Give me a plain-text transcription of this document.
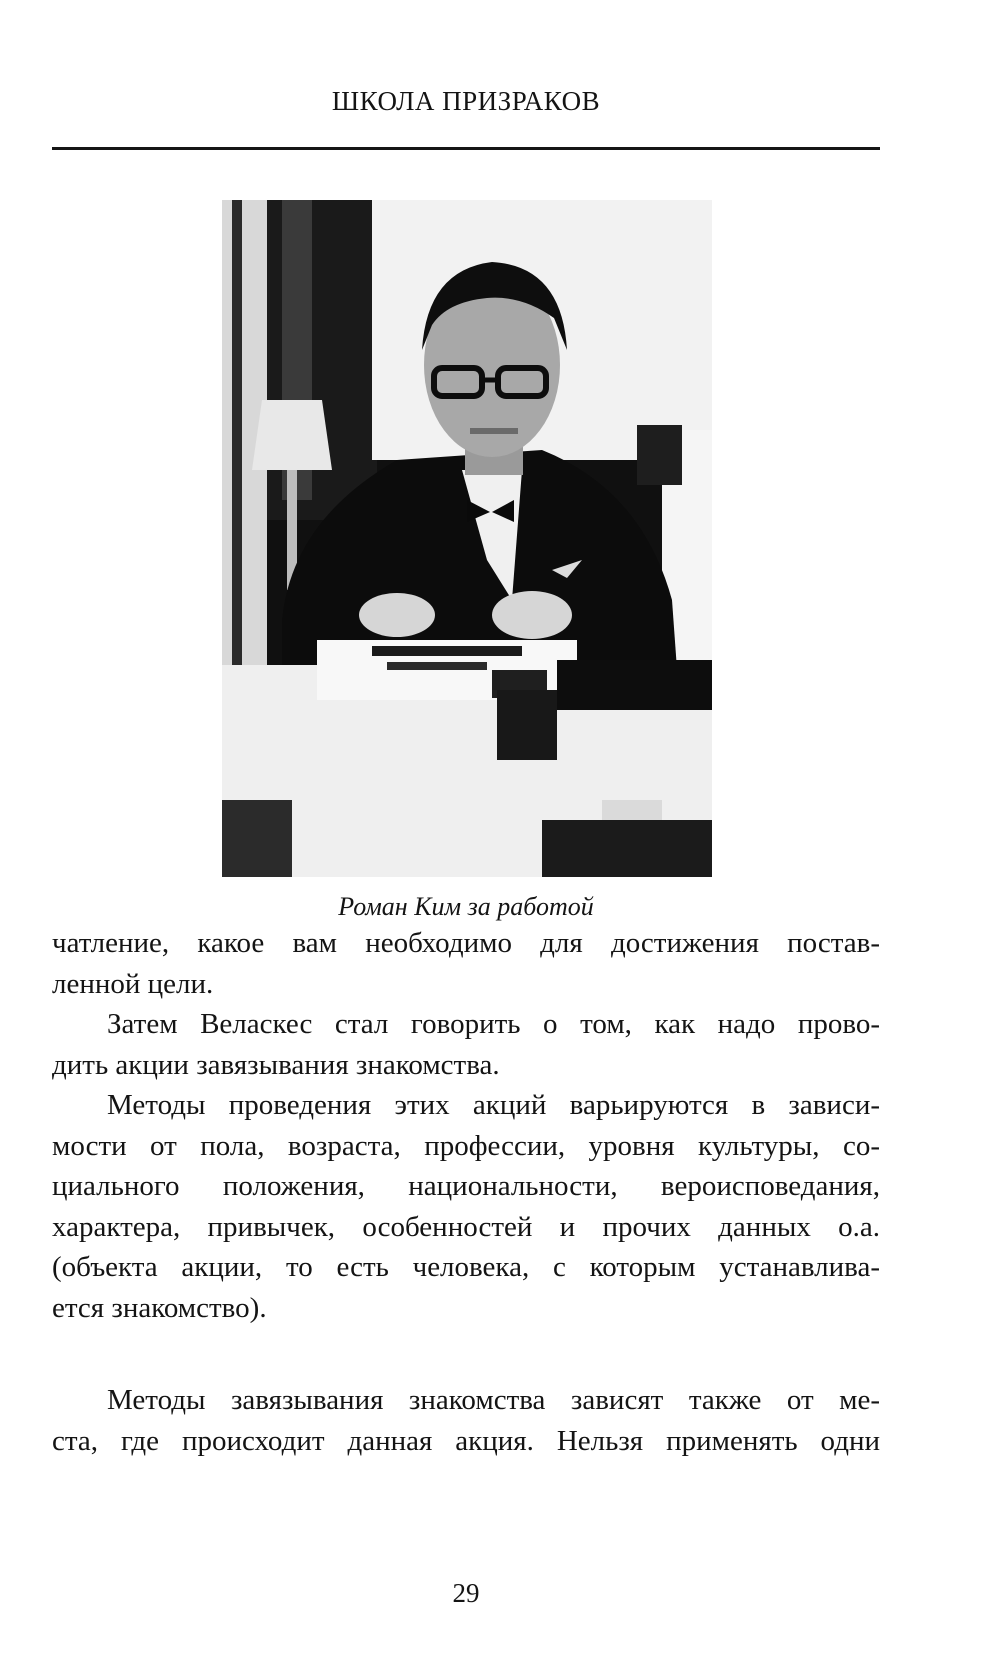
ШКОЛА ПРИЗРАКОВ
Роман Ким за работой
чатление, какое вам необходимо для достижения постав-
ленной цели.
Затем Веласкес стал говорить о том, как надо прово-
дить акции завязывания знакомства.
Методы проведения этих акций варьируются в зависи-
мости от пола, возраста, профессии, уровня культуры, со-
циального положения, национальности, вероисповедания,
характера, привычек, особенностей и прочих данных о.а.
(объекта акции, то есть человека, с которым устанавлива-
ется знакомство).
Методы завязывания знакомства зависят также от ме-
ста, где происходит данная акция. Нельзя применять одни
29
